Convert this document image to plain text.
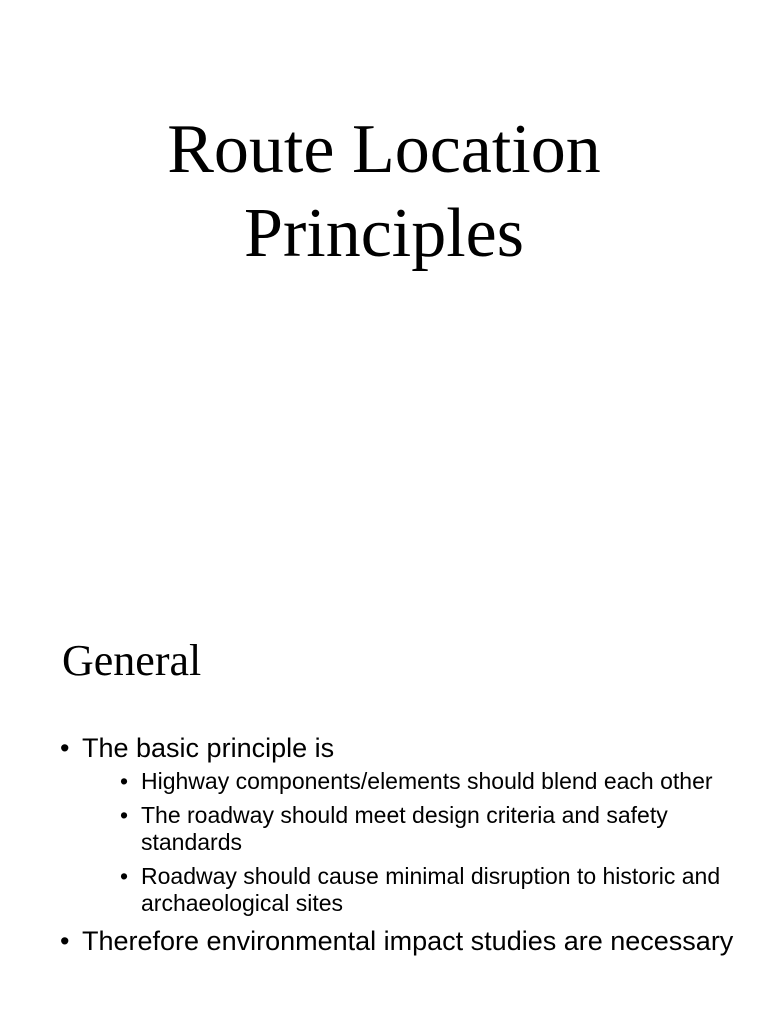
Route Location
Principles
General
• The basic principle is
• Highway components/elements should blend each other
• The roadway should meet design criteria and safety standards
• Roadway should cause minimal disruption to historic and archaeological sites
• Therefore environmental impact studies are necessary
